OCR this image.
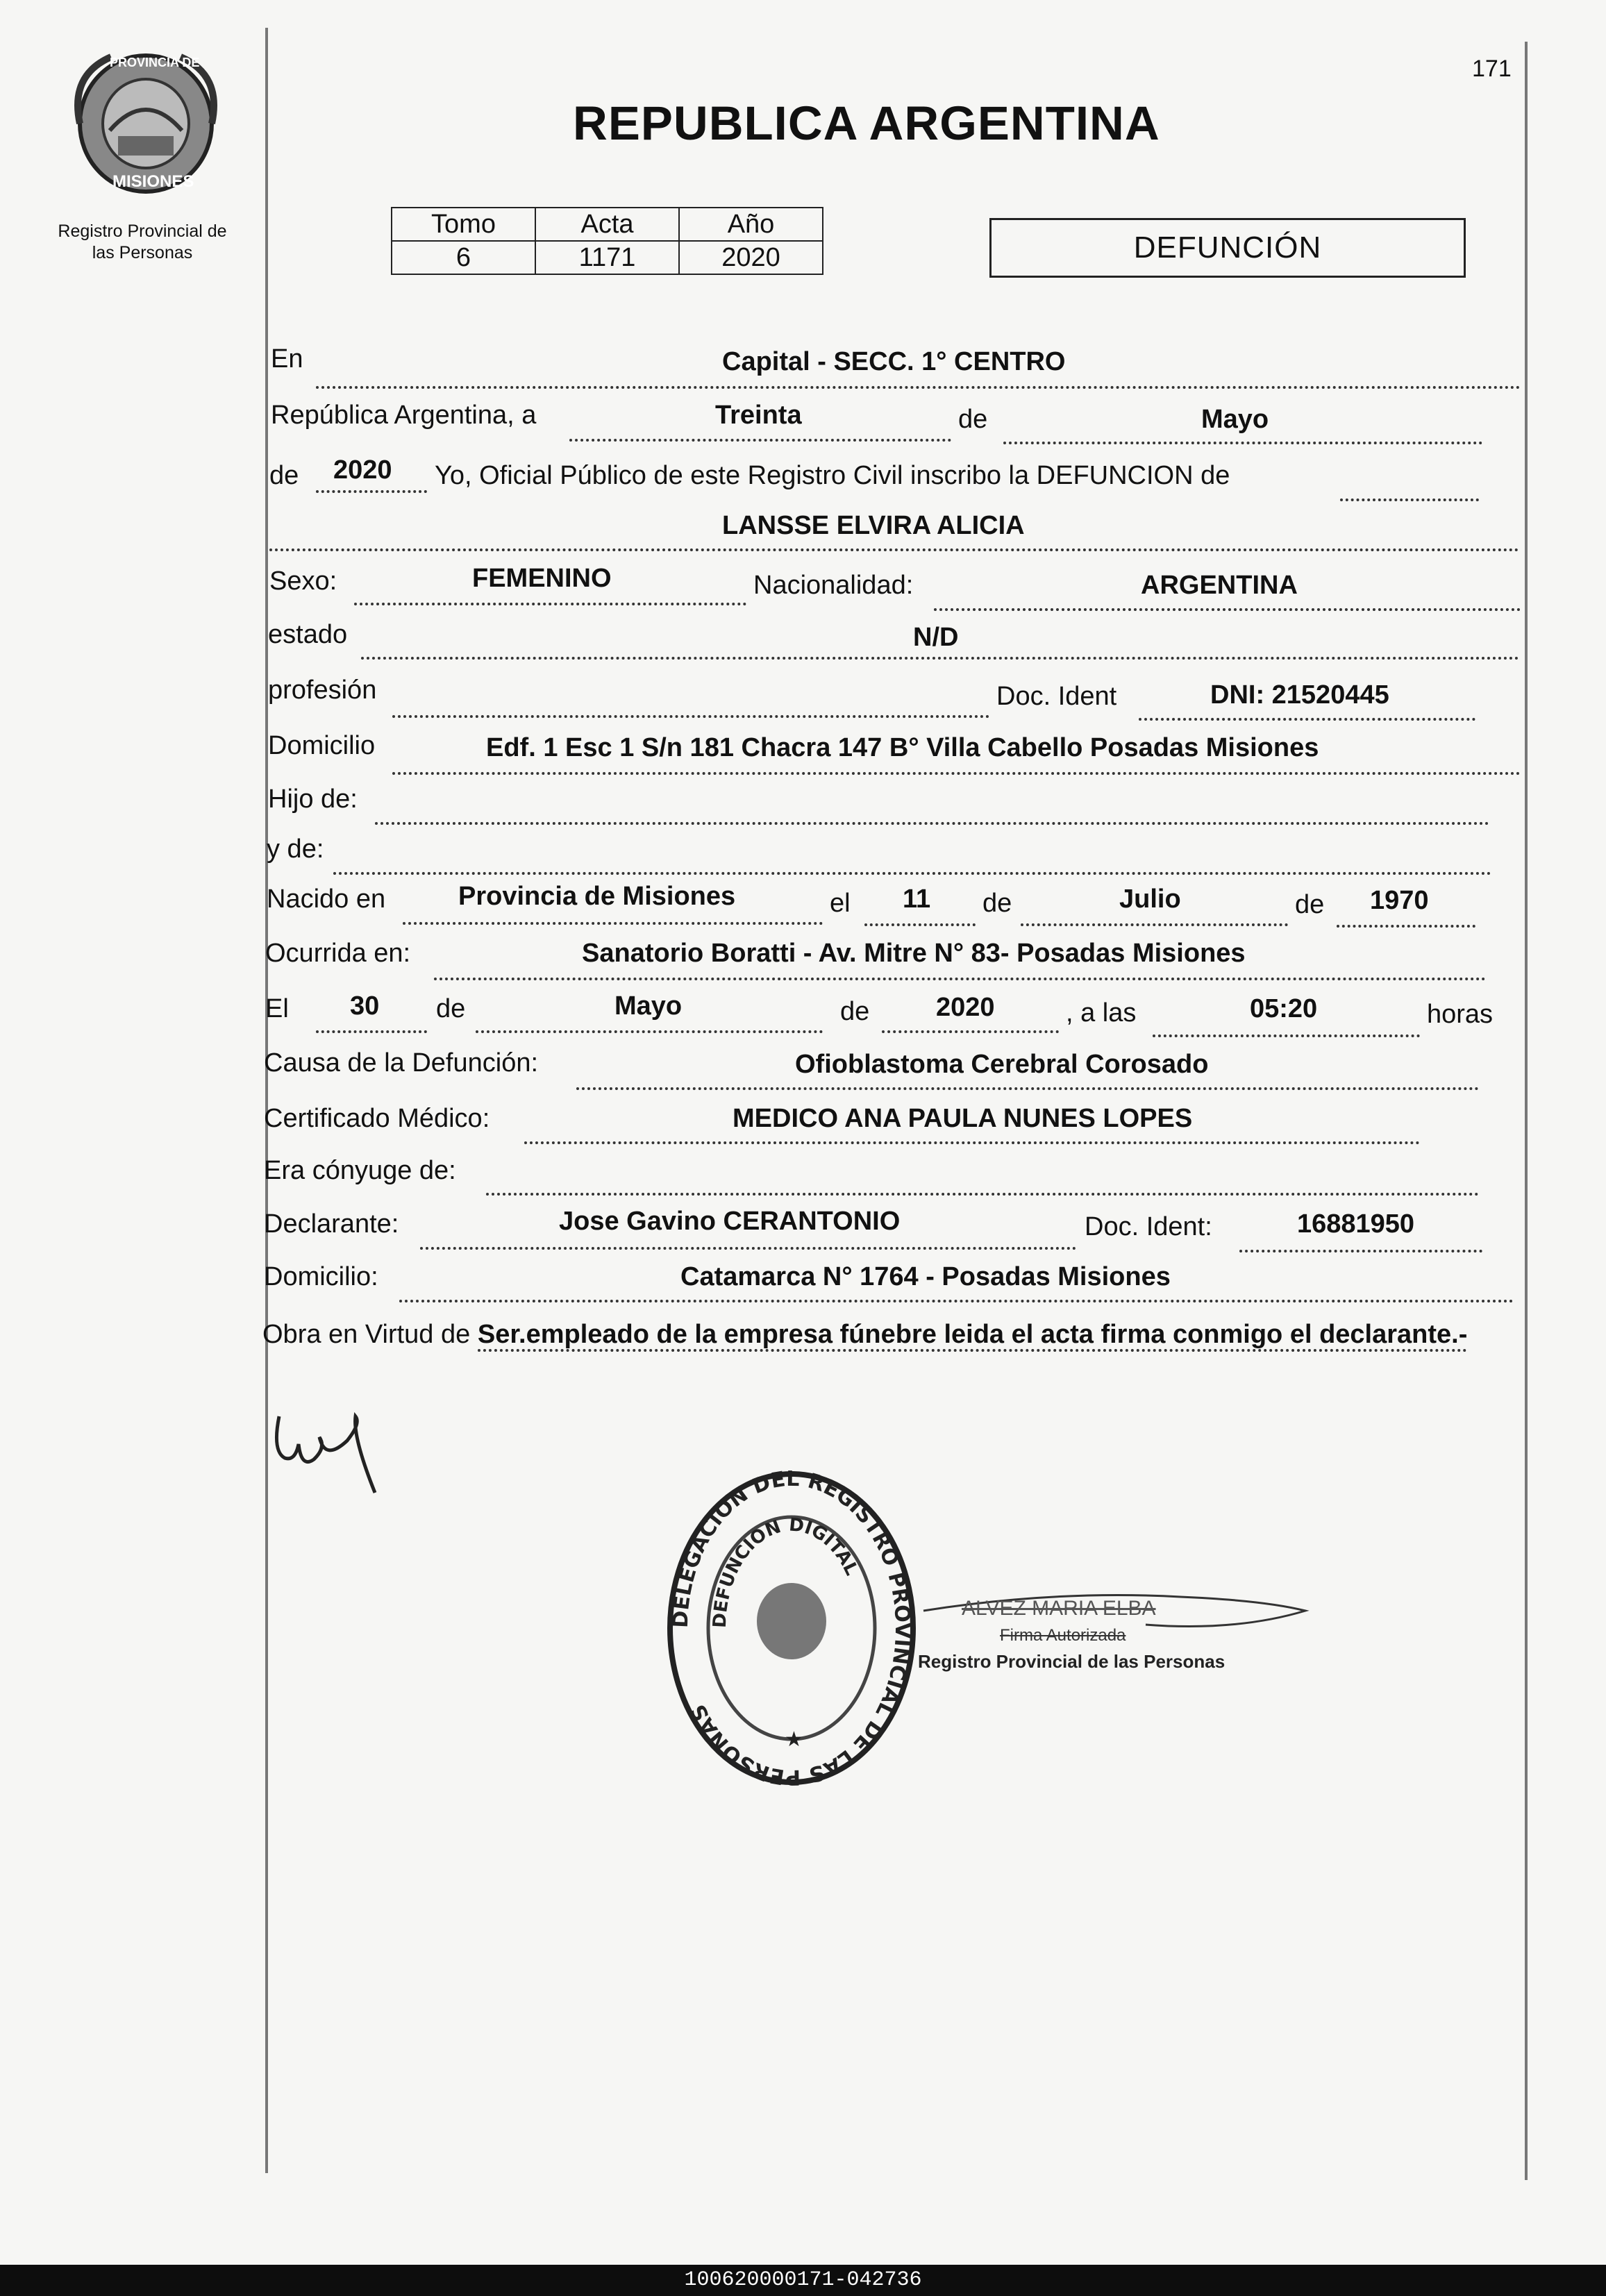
PROVINCIA DE
MISIONES
Registro Provincial de
las Personas
171
REPUBLICA ARGENTINA
Tomo	Acta	Año
6	1171	2020	DEFUNCIÓN
En	Capital - SECC. 1° CENTRO
República Argentina, a	Treinta	de	Mayo
de 2020 Yo, Oficial Público de este Registro Civil inscribo la DEFUNCION de
LANSSE ELVIRA ALICIA
Sexo:	FEMENINO	Nacionalidad:	ARGENTINA
estado	N/D
profesión	Doc. Ident	DNI: 21520445
Domicilio	Edf. 1 Esc 1 S/n 181 Chacra 147 B° Villa Cabello Posadas Misiones
Hijo de:
y de:
Nacido en	Provincia de Misiones	el 11 de	Julio	de 1970
Ocurrida en:	Sanatorio Boratti - Av. Mitre N° 83- Posadas Misiones
El 30 de	Mayo	de	2020	, a las	05:20	horas
Causa de la Defunción:	Ofioblastoma Cerebral Corosado
Certificado Médico:	MEDICO ANA PAULA NUNES LOPES
Era cónyuge de:
Declarante:	Jose Gavino CERANTONIO	Doc. Ident:	16881950
Domicilio:	Catamarca N° 1764 - Posadas Misiones
Obra en Virtud de Ser.empleado de la empresa fúnebre leida el acta firma conmigo el declarante.-
DELEGACION DEL REGISTRO PROVINCIAL DE LAS PERSONAS
DEFUNCION DIGITAL
★
ALVEZ MARIA ELBA
Firma Autorizada
Registro Provincial de las Personas
100620000171-042736
